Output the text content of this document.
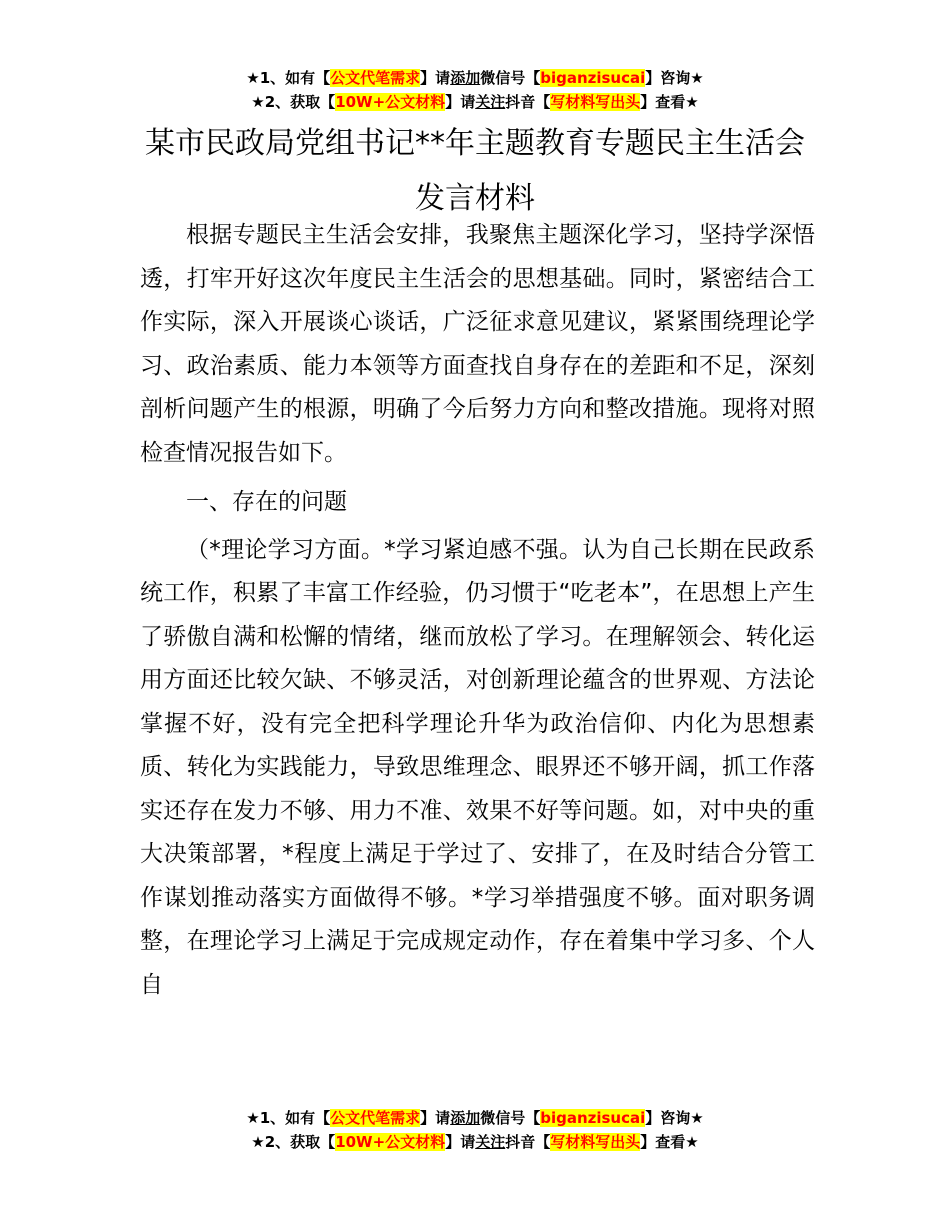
★1、如有【公文代笔需求】请添加微信号【biganzisucai】咨询★
★2、获取【10W+公文材料】请关注抖音【写材料写出头】查看★
某市民政局党组书记**年主题教育专题民主生活会发言材料

根据专题民主生活会安排，我聚焦主题深化学习，坚持学深悟透，打牢开好这次年度民主生活会的思想基础。同时，紧密结合工作实际，深入开展谈心谈话，广泛征求意见建议，紧紧围绕理论学习、政治素质、能力本领等方面查找自身存在的差距和不足，深刻剖析问题产生的根源，明确了今后努力方向和整改措施。现将对照检查情况报告如下。

一、存在的问题

（*理论学习方面。*学习紧迫感不强。认为自己长期在民政系统工作，积累了丰富工作经验，仍习惯于“吃老本”，在思想上产生了骄傲自满和松懈的情绪，继而放松了学习。在理解领会、转化运用方面还比较欠缺、不够灵活，对创新理论蕴含的世界观、方法论掌握不好，没有完全把科学理论升华为政治信仰、内化为思想素质、转化为实践能力，导致思维理念、眼界还不够开阔，抓工作落实还存在发力不够、用力不准、效果不好等问题。如，对中央的重大决策部署，*程度上满足于学过了、安排了，在及时结合分管工作谋划推动落实方面做得不够。*学习举措强度不够。面对职务调整，在理论学习上满足于完成规定动作，存在着集中学习多、个人自

★1、如有【公文代笔需求】请添加微信号【biganzisucai】咨询★
★2、获取【10W+公文材料】请关注抖音【写材料写出头】查看★
